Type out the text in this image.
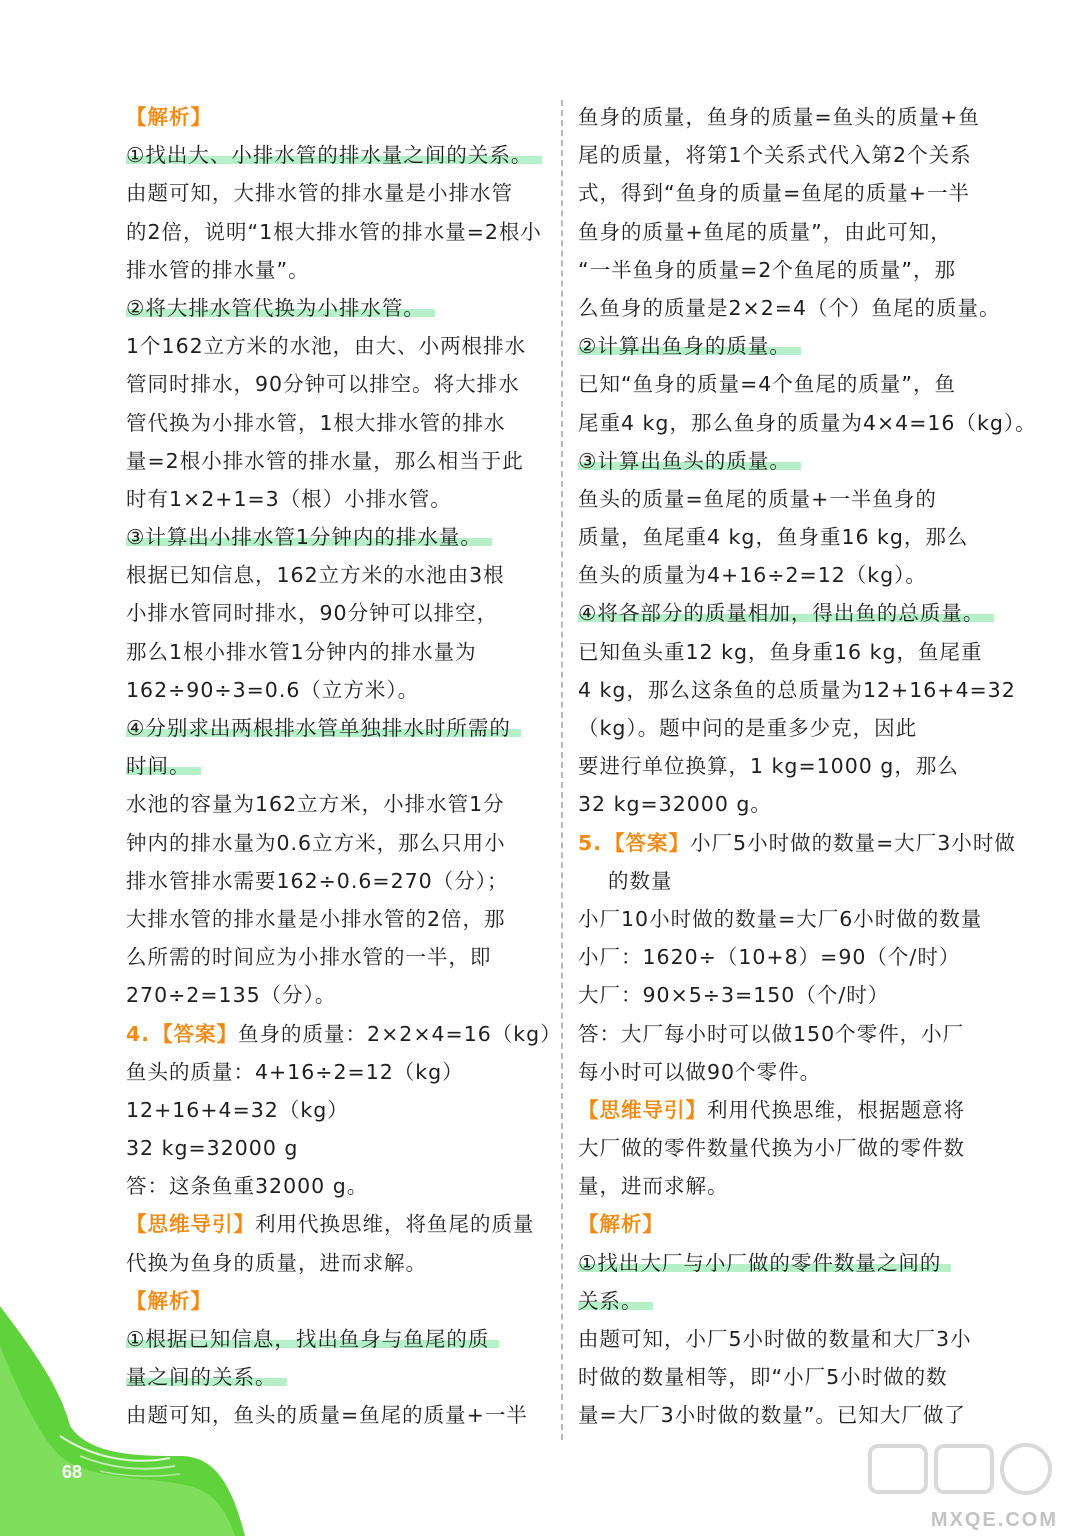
【解析】
①找出大、小排水管的排水量之间的关系。
由题可知，大排水管的排水量是小排水管
的2倍，说明“1根大排水管的排水量=2根小
排水管的排水量”。
②将大排水管代换为小排水管。
1个162立方米的水池，由大、小两根排水
管同时排水，90分钟可以排空。将大排水
管代换为小排水管，1根大排水管的排水
量=2根小排水管的排水量，那么相当于此
时有1×2+1=3（根）小排水管。
③计算出小排水管1分钟内的排水量。
根据已知信息，162立方米的水池由3根
小排水管同时排水，90分钟可以排空，
那么1根小排水管1分钟内的排水量为
162÷90÷3=0.6（立方米）。
④分别求出两根排水管单独排水时所需的
时间。
水池的容量为162立方米，小排水管1分
钟内的排水量为0.6立方米，那么只用小
排水管排水需要162÷0.6=270（分）；
大排水管的排水量是小排水管的2倍，那
么所需的时间应为小排水管的一半，即
270÷2=135（分）。
4.【答案】鱼身的质量：2×2×4=16（kg）
鱼头的质量：4+16÷2=12（kg）
12+16+4=32（kg）
32 kg=32000 g
答：这条鱼重32000 g。
【思维导引】利用代换思维，将鱼尾的质量
代换为鱼身的质量，进而求解。
【解析】
①根据已知信息，找出鱼身与鱼尾的质
量之间的关系。
由题可知，鱼头的质量=鱼尾的质量+一半
鱼身的质量，鱼身的质量=鱼头的质量+鱼
尾的质量，将第1个关系式代入第2个关系
式，得到“鱼身的质量=鱼尾的质量+一半
鱼身的质量+鱼尾的质量”，由此可知，
“一半鱼身的质量=2个鱼尾的质量”，那
么鱼身的质量是2×2=4（个）鱼尾的质量。
②计算出鱼身的质量。
已知“鱼身的质量=4个鱼尾的质量”，鱼
尾重4 kg，那么鱼身的质量为4×4=16（kg）。
③计算出鱼头的质量。
鱼头的质量=鱼尾的质量+一半鱼身的
质量，鱼尾重4 kg，鱼身重16 kg，那么
鱼头的质量为4+16÷2=12（kg）。
④将各部分的质量相加，得出鱼的总质量。
已知鱼头重12 kg，鱼身重16 kg，鱼尾重
4 kg，那么这条鱼的总质量为12+16+4=32
（kg）。题中问的是重多少克，因此
要进行单位换算，1 kg=1000 g，那么
32 kg=32000 g。
5.【答案】小厂5小时做的数量=大厂3小时做
的数量
小厂10小时做的数量=大厂6小时做的数量
小厂：1620÷（10+8）=90（个/时）
大厂：90×5÷3=150（个/时）
答：大厂每小时可以做150个零件，小厂
每小时可以做90个零件。
【思维导引】利用代换思维，根据题意将
大厂做的零件数量代换为小厂做的零件数
量，进而求解。
【解析】
①找出大厂与小厂做的零件数量之间的
关系。
由题可知，小厂5小时做的数量和大厂3小
时做的数量相等，即“小厂5小时做的数
量=大厂3小时做的数量”。已知大厂做了
68
MXQE.COM
